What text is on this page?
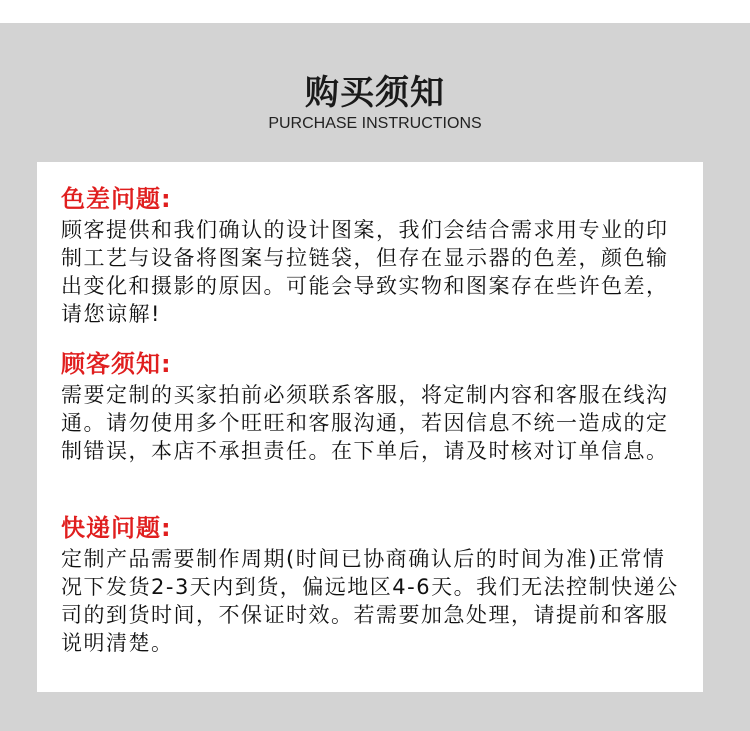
购买须知
PURCHASE INSTRUCTIONS
色差问题:
顾客提供和我们确认的设计图案，我们会结合需求用专业的印制工艺与设备将图案与拉链袋，但存在显示器的色差，颜色输出变化和摄影的原因。可能会导致实物和图案存在些许色差，请您谅解!
顾客须知:
需要定制的买家拍前必须联系客服，将定制内容和客服在线沟通。请勿使用多个旺旺和客服沟通，若因信息不统一造成的定制错误，本店不承担责任。在下单后，请及时核对订单信息。
快递问题:
定制产品需要制作周期(时间已协商确认后的时间为准)正常情况下发货2-3天内到货，偏远地区4-6天。我们无法控制快递公司的到货时间，不保证时效。若需要加急处理，请提前和客服说明清楚。
